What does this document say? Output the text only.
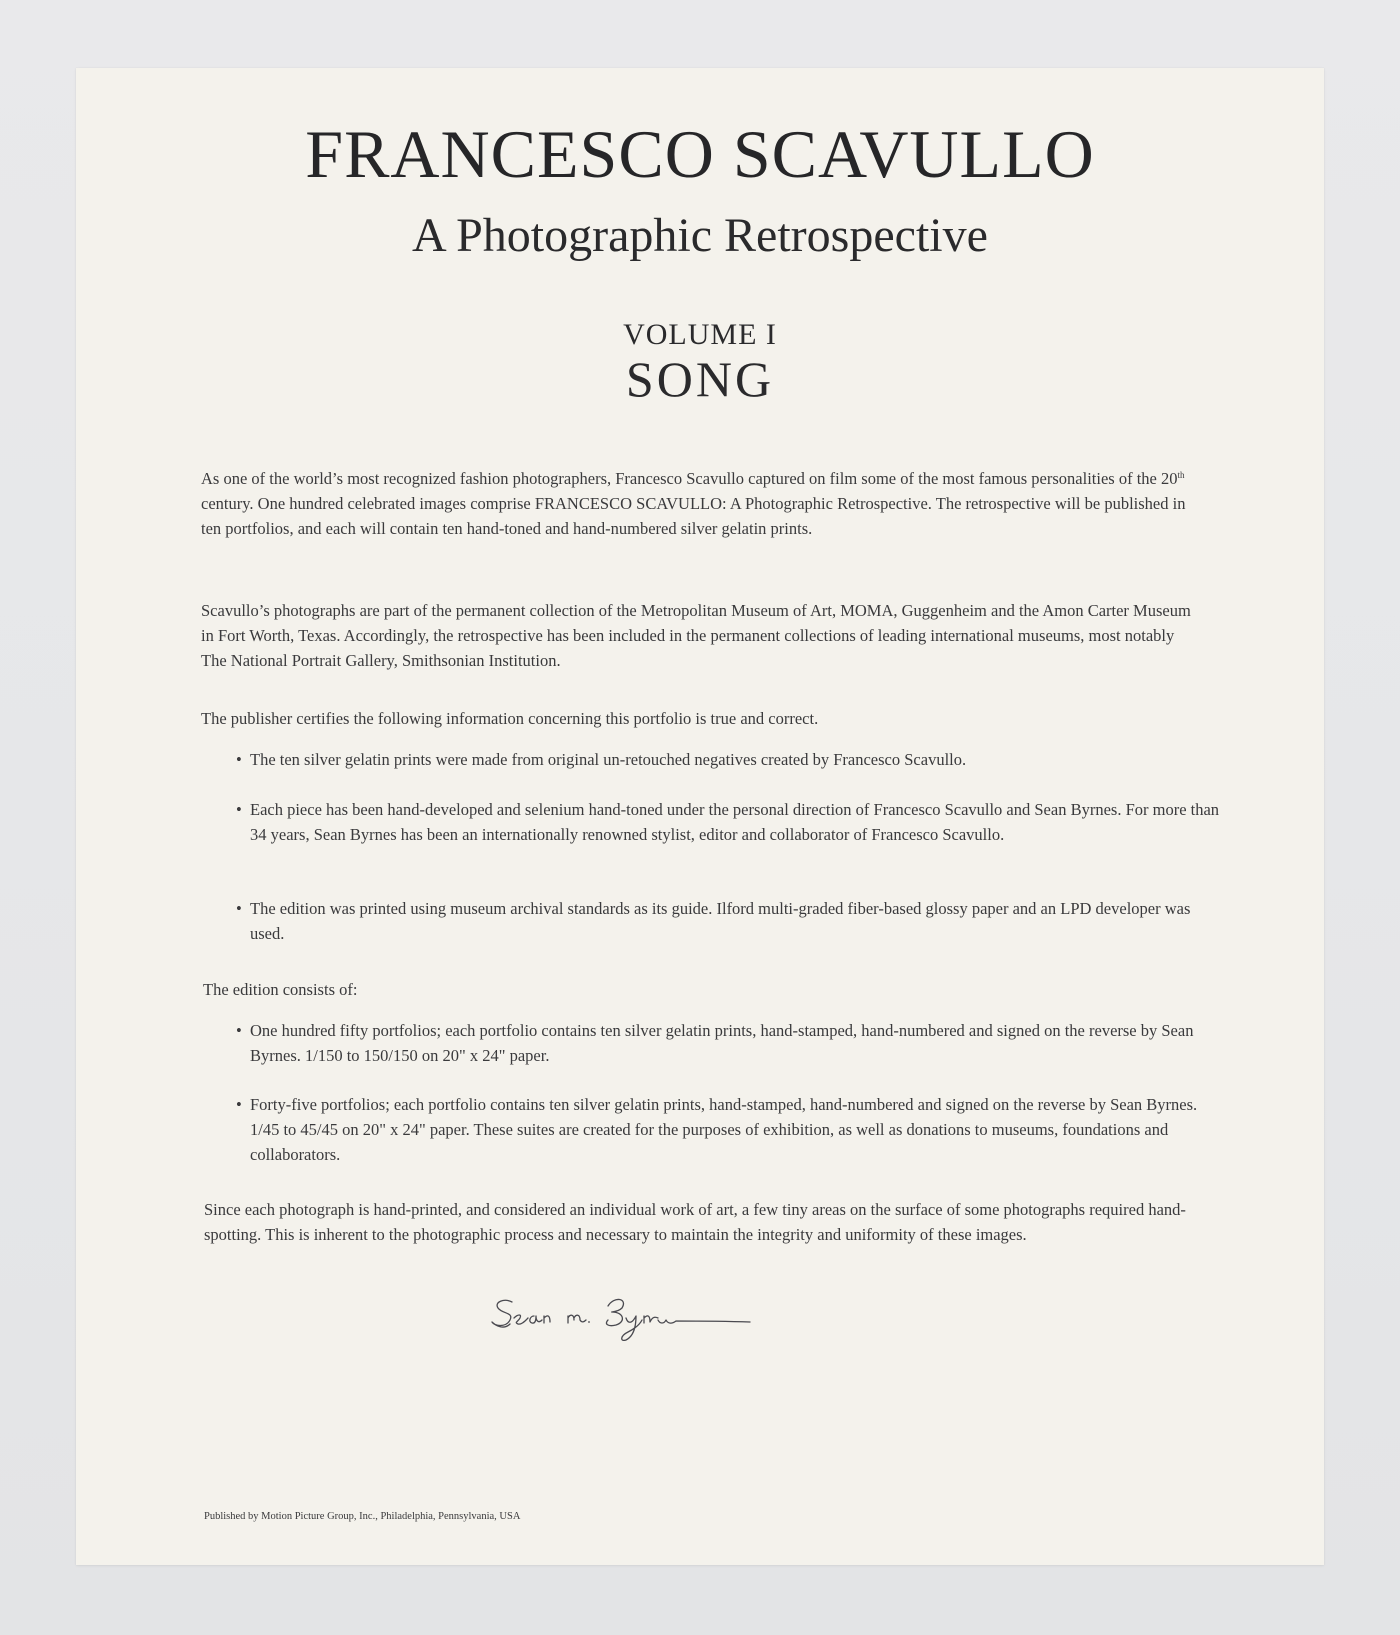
FRANCESCO SCAVULLO
A Photographic Retrospective
VOLUME I
SONG
As one of the world’s most recognized fashion photographers, Francesco Scavullo captured on film some of the most famous personalities of the 20th century. One hundred celebrated images comprise FRANCESCO SCAVULLO: A Photographic Retrospective. The retrospective will be published in ten portfolios, and each will contain ten hand-toned and hand-numbered silver gelatin prints.
Scavullo’s photographs are part of the permanent collection of the Metropolitan Museum of Art, MOMA, Guggenheim and the Amon Carter Museum in Fort Worth, Texas. Accordingly, the retrospective has been included in the permanent collections of leading international museums, most notably The National Portrait Gallery, Smithsonian Institution.
The publisher certifies the following information concerning this portfolio is true and correct.
• The ten silver gelatin prints were made from original un-retouched negatives created by Francesco Scavullo.
• Each piece has been hand-developed and selenium hand-toned under the personal direction of Francesco Scavullo and Sean Byrnes. For more than 34 years, Sean Byrnes has been an internationally renowned stylist, editor and collaborator of Francesco Scavullo.
• The edition was printed using museum archival standards as its guide. Ilford multi-graded fiber-based glossy paper and an LPD developer was used.
The edition consists of:
• One hundred fifty portfolios; each portfolio contains ten silver gelatin prints, hand-stamped, hand-numbered and signed on the reverse by Sean Byrnes. 1/150 to 150/150 on 20" x 24" paper.
• Forty-five portfolios; each portfolio contains ten silver gelatin prints, hand-stamped, hand-numbered and signed on the reverse by Sean Byrnes. 1/45 to 45/45 on 20" x 24" paper. These suites are created for the purposes of exhibition, as well as donations to museums, foundations and collaborators.
Since each photograph is hand-printed, and considered an individual work of art, a few tiny areas on the surface of some photographs required hand-spotting. This is inherent to the photographic process and necessary to maintain the integrity and uniformity of these images.
Published by Motion Picture Group, Inc., Philadelphia, Pennsylvania, USA
